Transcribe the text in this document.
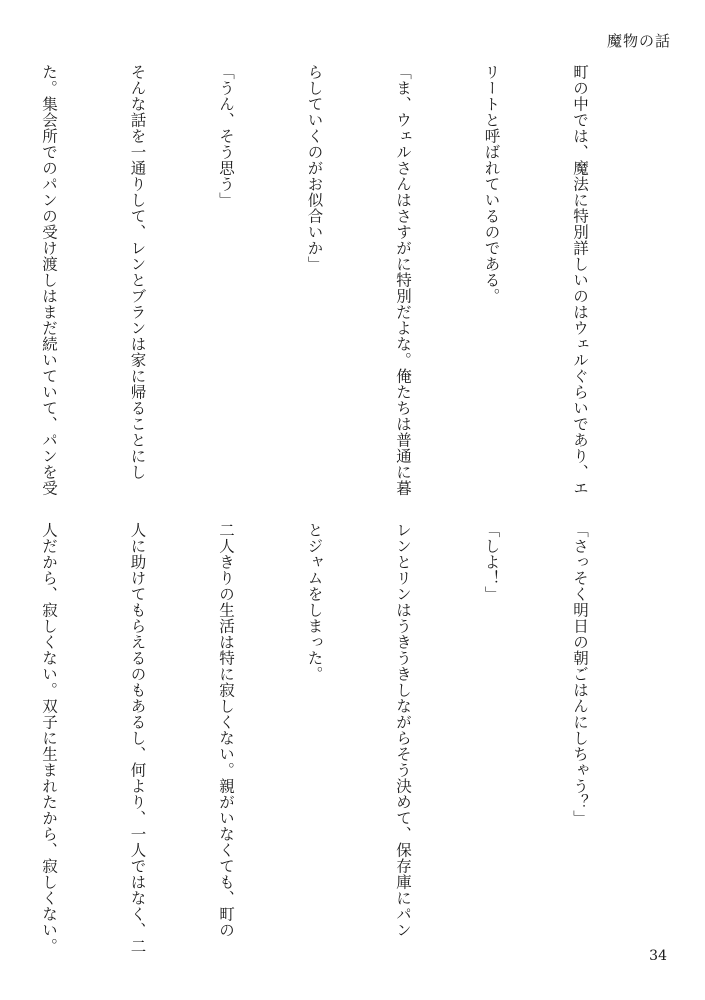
魔物の話

町の中では、魔法に特別詳しいのはウェルぐらいであり、エ

リートと呼ばれているのである。

「ま、ウェルさんはさすがに特別だよな。俺たちは普通に暮

らしていくのがお似合いか」

「うん、そう思う」

そんな話を一通りして、レンとブランは家に帰ることにし

た。集会所でのパンの受け渡しはまだ続いていて、パンを受

「さっそく明日の朝ごはんにしちゃう？」

「しよ！」

レンとリンはうきうきしながらそう決めて、保存庫にパン

とジャムをしまった。

二人きりの生活は特に寂しくない。親がいなくても、町の

人に助けてもらえるのもあるし、何より、一人ではなく、二

人だから、寂しくない。双子に生まれたから、寂しくない。

34
